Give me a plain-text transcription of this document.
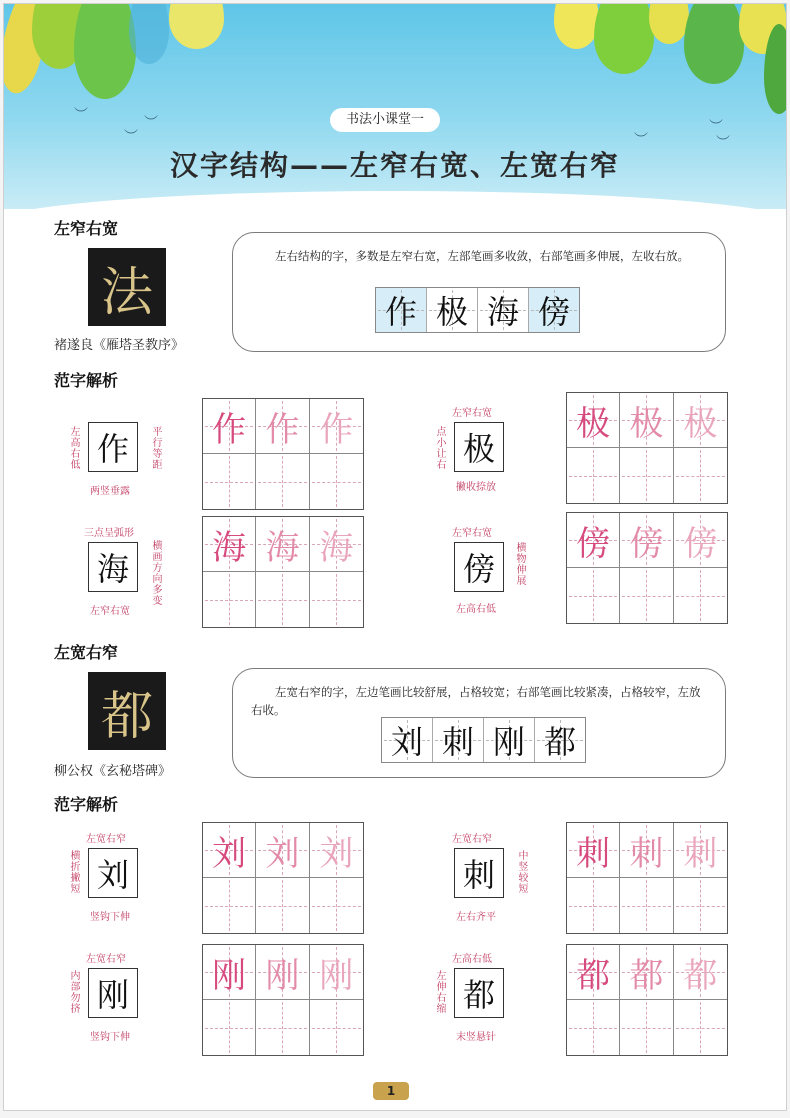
︶
︶
︶
︶
︶
︶
书法小课堂一
汉字结构——左窄右宽、左宽右窄
左窄右宽
法
褚遂良《雁塔圣教序》
左右结构的字，多数是左窄右宽，左部笔画多收敛，右部笔画多伸展，左收右放。
作 极 海 傍
范字解析
左高右低 作 平行等距
两竖垂露
作 作 作	左窄右宽
点小让右 极
撇收捺放
极 极 极
三点呈弧形
海 横画方向多变
左窄右宽
海 海 海	左窄右宽
傍 横物伸展
左高右低
傍 傍 傍
左宽右窄
都
柳公权《玄秘塔碑》
左宽右窄的字，左边笔画比较舒展，占格较宽；右部笔画比较紧凑，占格较窄，左放右收。
刘 刺 刚 都
范字解析
左宽右窄
横折撇短 刘
竖钩下伸
刘 刘 刘	左宽右窄
刺 中竖较短
左右齐平
刺 刺 刺
左宽右窄
内部勿挤 刚
竖钩下伸
刚 刚 刚	左高右低
左伸右缩 都
末竖悬针
都 都 都
1
